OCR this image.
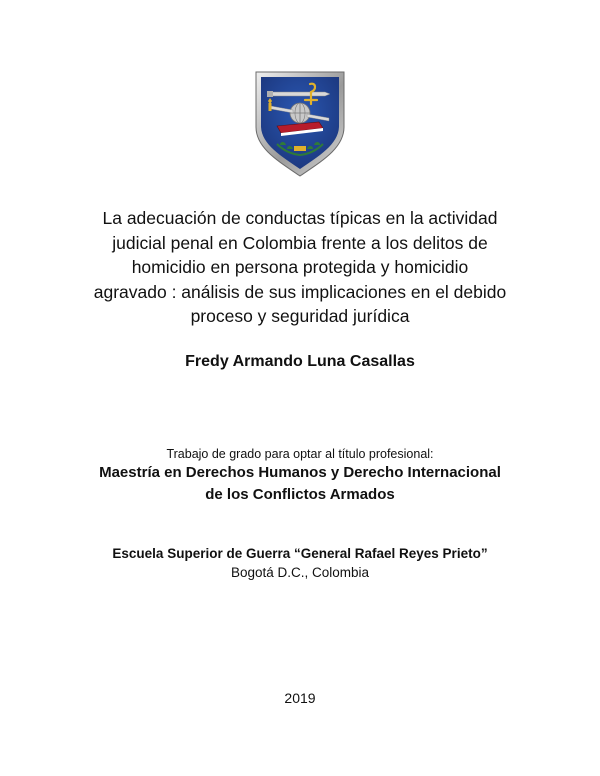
La adecuación de conductas típicas en la actividad
judicial penal en Colombia frente a los delitos de
homicidio en persona protegida y homicidio
agravado : análisis de sus implicaciones en el debido
proceso y seguridad jurídica
Fredy Armando Luna Casallas
Trabajo de grado para optar al título profesional:
Maestría en Derechos Humanos y Derecho Internacional
de los Conflictos Armados
Escuela Superior de Guerra “General Rafael Reyes Prieto”
Bogotá D.C., Colombia
2019
